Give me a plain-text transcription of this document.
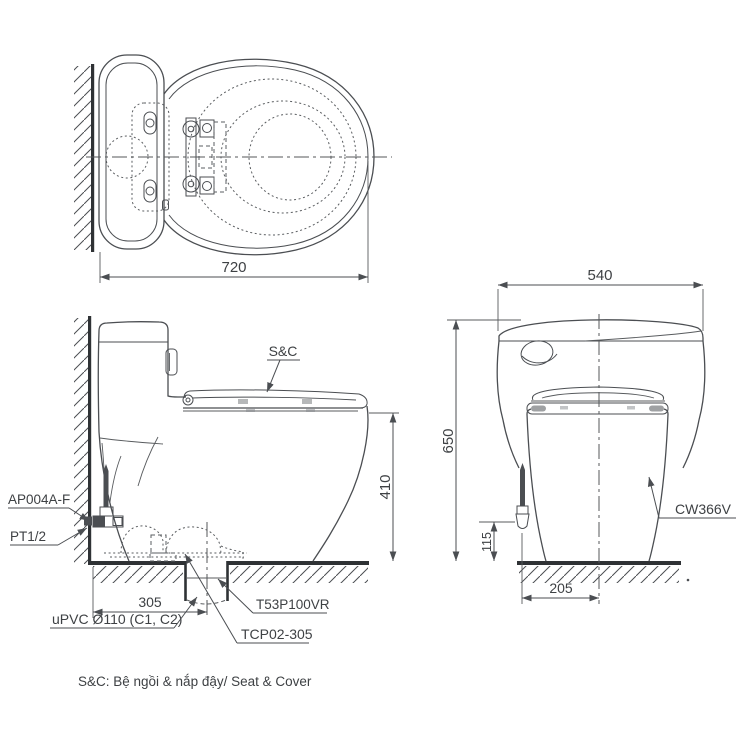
720
410
305
S&C
AP004A-F
PT1/2
T53P100VR
TCP02-305
uPVC Ø110 (C1, C2)
540
650
115
205
CW366V
S&C: Bệ ngồi & nắp đậy/ Seat & Cover
